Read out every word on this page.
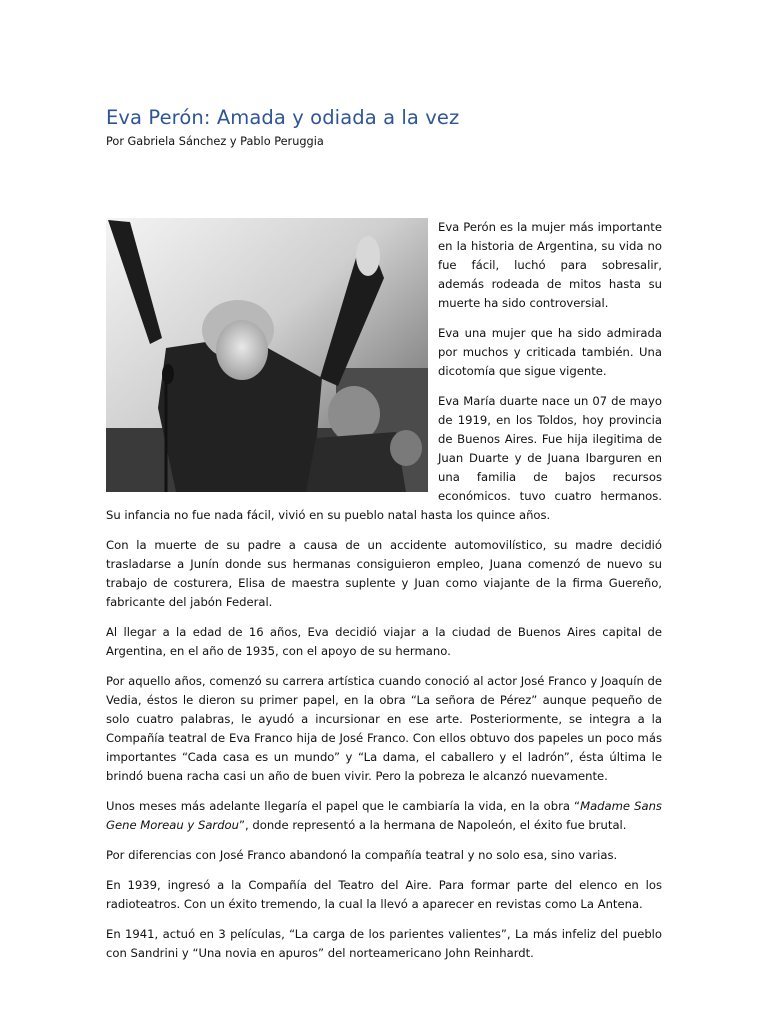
Eva Perón: Amada y odiada a la vez

Por Gabriela Sánchez y Pablo Peruggia

Eva Perón es la mujer más importante en la historia de Argentina, su vida no fue fácil, luchó para sobresalir, además rodeada de mitos hasta su muerte ha sido controversial.

Eva una mujer que ha sido admirada por muchos y criticada también. Una dicotomía que sigue vigente.

Eva María duarte nace un 07 de mayo de 1919, en los Toldos, hoy provincia de Buenos Aires. Fue hija ilegitima de Juan Duarte y de Juana Ibarguren en una familia de bajos recursos económicos. tuvo cuatro hermanos. Su infancia no fue nada fácil, vivió en su pueblo natal hasta los quince años.

Con la muerte de su padre a causa de un accidente automovilístico, su madre decidió trasladarse a Junín donde sus hermanas consiguieron empleo, Juana comenzó de nuevo su trabajo de costurera, Elisa de maestra suplente y Juan como viajante de la firma Guereño, fabricante del jabón Federal.

Al llegar a la edad de 16 años, Eva decidió viajar a la ciudad de Buenos Aires capital de Argentina, en el año de 1935, con el apoyo de su hermano.

Por aquello años, comenzó su carrera artística cuando conoció al actor José Franco y Joaquín de Vedia, éstos le dieron su primer papel, en la obra “La señora de Pérez” aunque pequeño de solo cuatro palabras, le ayudó a incursionar en ese arte. Posteriormente, se integra a la Compañía teatral de Eva Franco hija de José Franco. Con ellos obtuvo dos papeles un poco más importantes “Cada casa es un mundo” y “La dama, el caballero y el ladrón”, ésta última le brindó buena racha casi un año de buen vivir. Pero la pobreza le alcanzó nuevamente.

Unos meses más adelante llegaría el papel que le cambiaría la vida, en la obra “Madame Sans Gene Moreau y Sardou”, donde representó a la hermana de Napoleón, el éxito fue brutal.

Por diferencias con José Franco abandonó la compañía teatral y no solo esa, sino varias.

En 1939, ingresó a la Compañía del Teatro del Aire. Para formar parte del elenco en los radioteatros. Con un éxito tremendo, la cual la llevó a aparecer en revistas como La Antena.

En 1941, actuó en 3 películas, “La carga de los parientes valientes”, La más infeliz del pueblo con Sandrini y “Una novia en apuros” del norteamericano John Reinhardt.
